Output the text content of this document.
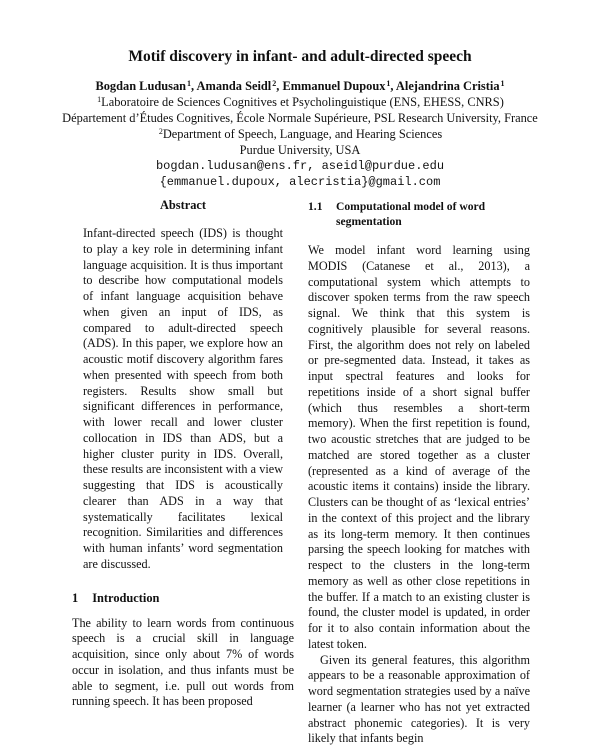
Motif discovery in infant- and adult-directed speech
Bogdan Ludusan$^1$, Amanda Seidl$^2$, Emmanuel Dupoux$^1$, Alejandrina Cristia$^1$
$^1$Laboratoire de Sciences Cognitives et Psycholinguistique (ENS, EHESS, CNRS)
Département d’Études Cognitives, École Normale Supérieure, PSL Research University, France
$^2$Department of Speech, Language, and Hearing Sciences
Purdue University, USA
bogdan.ludusan@ens.fr, aseidl@purdue.edu
{emmanuel.dupoux, alecristia}@gmail.com
Abstract

Infant-directed speech (IDS) is thought to play a key role in determining infant language acquisition. It is thus important to describe how computational models of infant language acquisition behave when given an input of IDS, as compared to adult-directed speech (ADS). In this paper, we explore how an acoustic motif discovery algorithm fares when presented with speech from both registers. Results show small but significant differences in performance, with lower recall and lower cluster collocation in IDS than ADS, but a higher cluster purity in IDS. Overall, these results are inconsistent with a view suggesting that IDS is acoustically clearer than ADS in a way that systematically facilitates lexical recognition. Similarities and differences with human infants’ word segmentation are discussed.

1 Introduction

The ability to learn words from continuous speech is a crucial skill in language acquisition, since only about 7% of words occur in isolation, and thus infants must be able to segment, i.e. pull out words from running speech. It has been proposed

1.1	Computational model of word segmentation

We model infant word learning using MODIS (Catanese et al., 2013), a computational system which attempts to discover spoken terms from the raw speech signal. We think that this system is cognitively plausible for several reasons. First, the algorithm does not rely on labeled or pre-segmented data. Instead, it takes as input spectral features and looks for repetitions inside of a short signal buffer (which thus resembles a short-term memory). When the first repetition is found, two acoustic stretches that are judged to be matched are stored together as a cluster (represented as a kind of average of the acoustic items it contains) inside the library. Clusters can be thought of as ‘lexical entries’ in the context of this project and the library as its long-term memory. It then continues parsing the speech looking for matches with respect to the clusters in the long-term memory as well as other close repetitions in the buffer. If a match to an existing cluster is found, the cluster model is updated, in order for it to also contain information about the latest token.

Given its general features, this algorithm appears to be a reasonable approximation of word segmentation strategies used by a naïve learner (a learner who has not yet extracted abstract phonemic categories). It is very likely that infants begin
